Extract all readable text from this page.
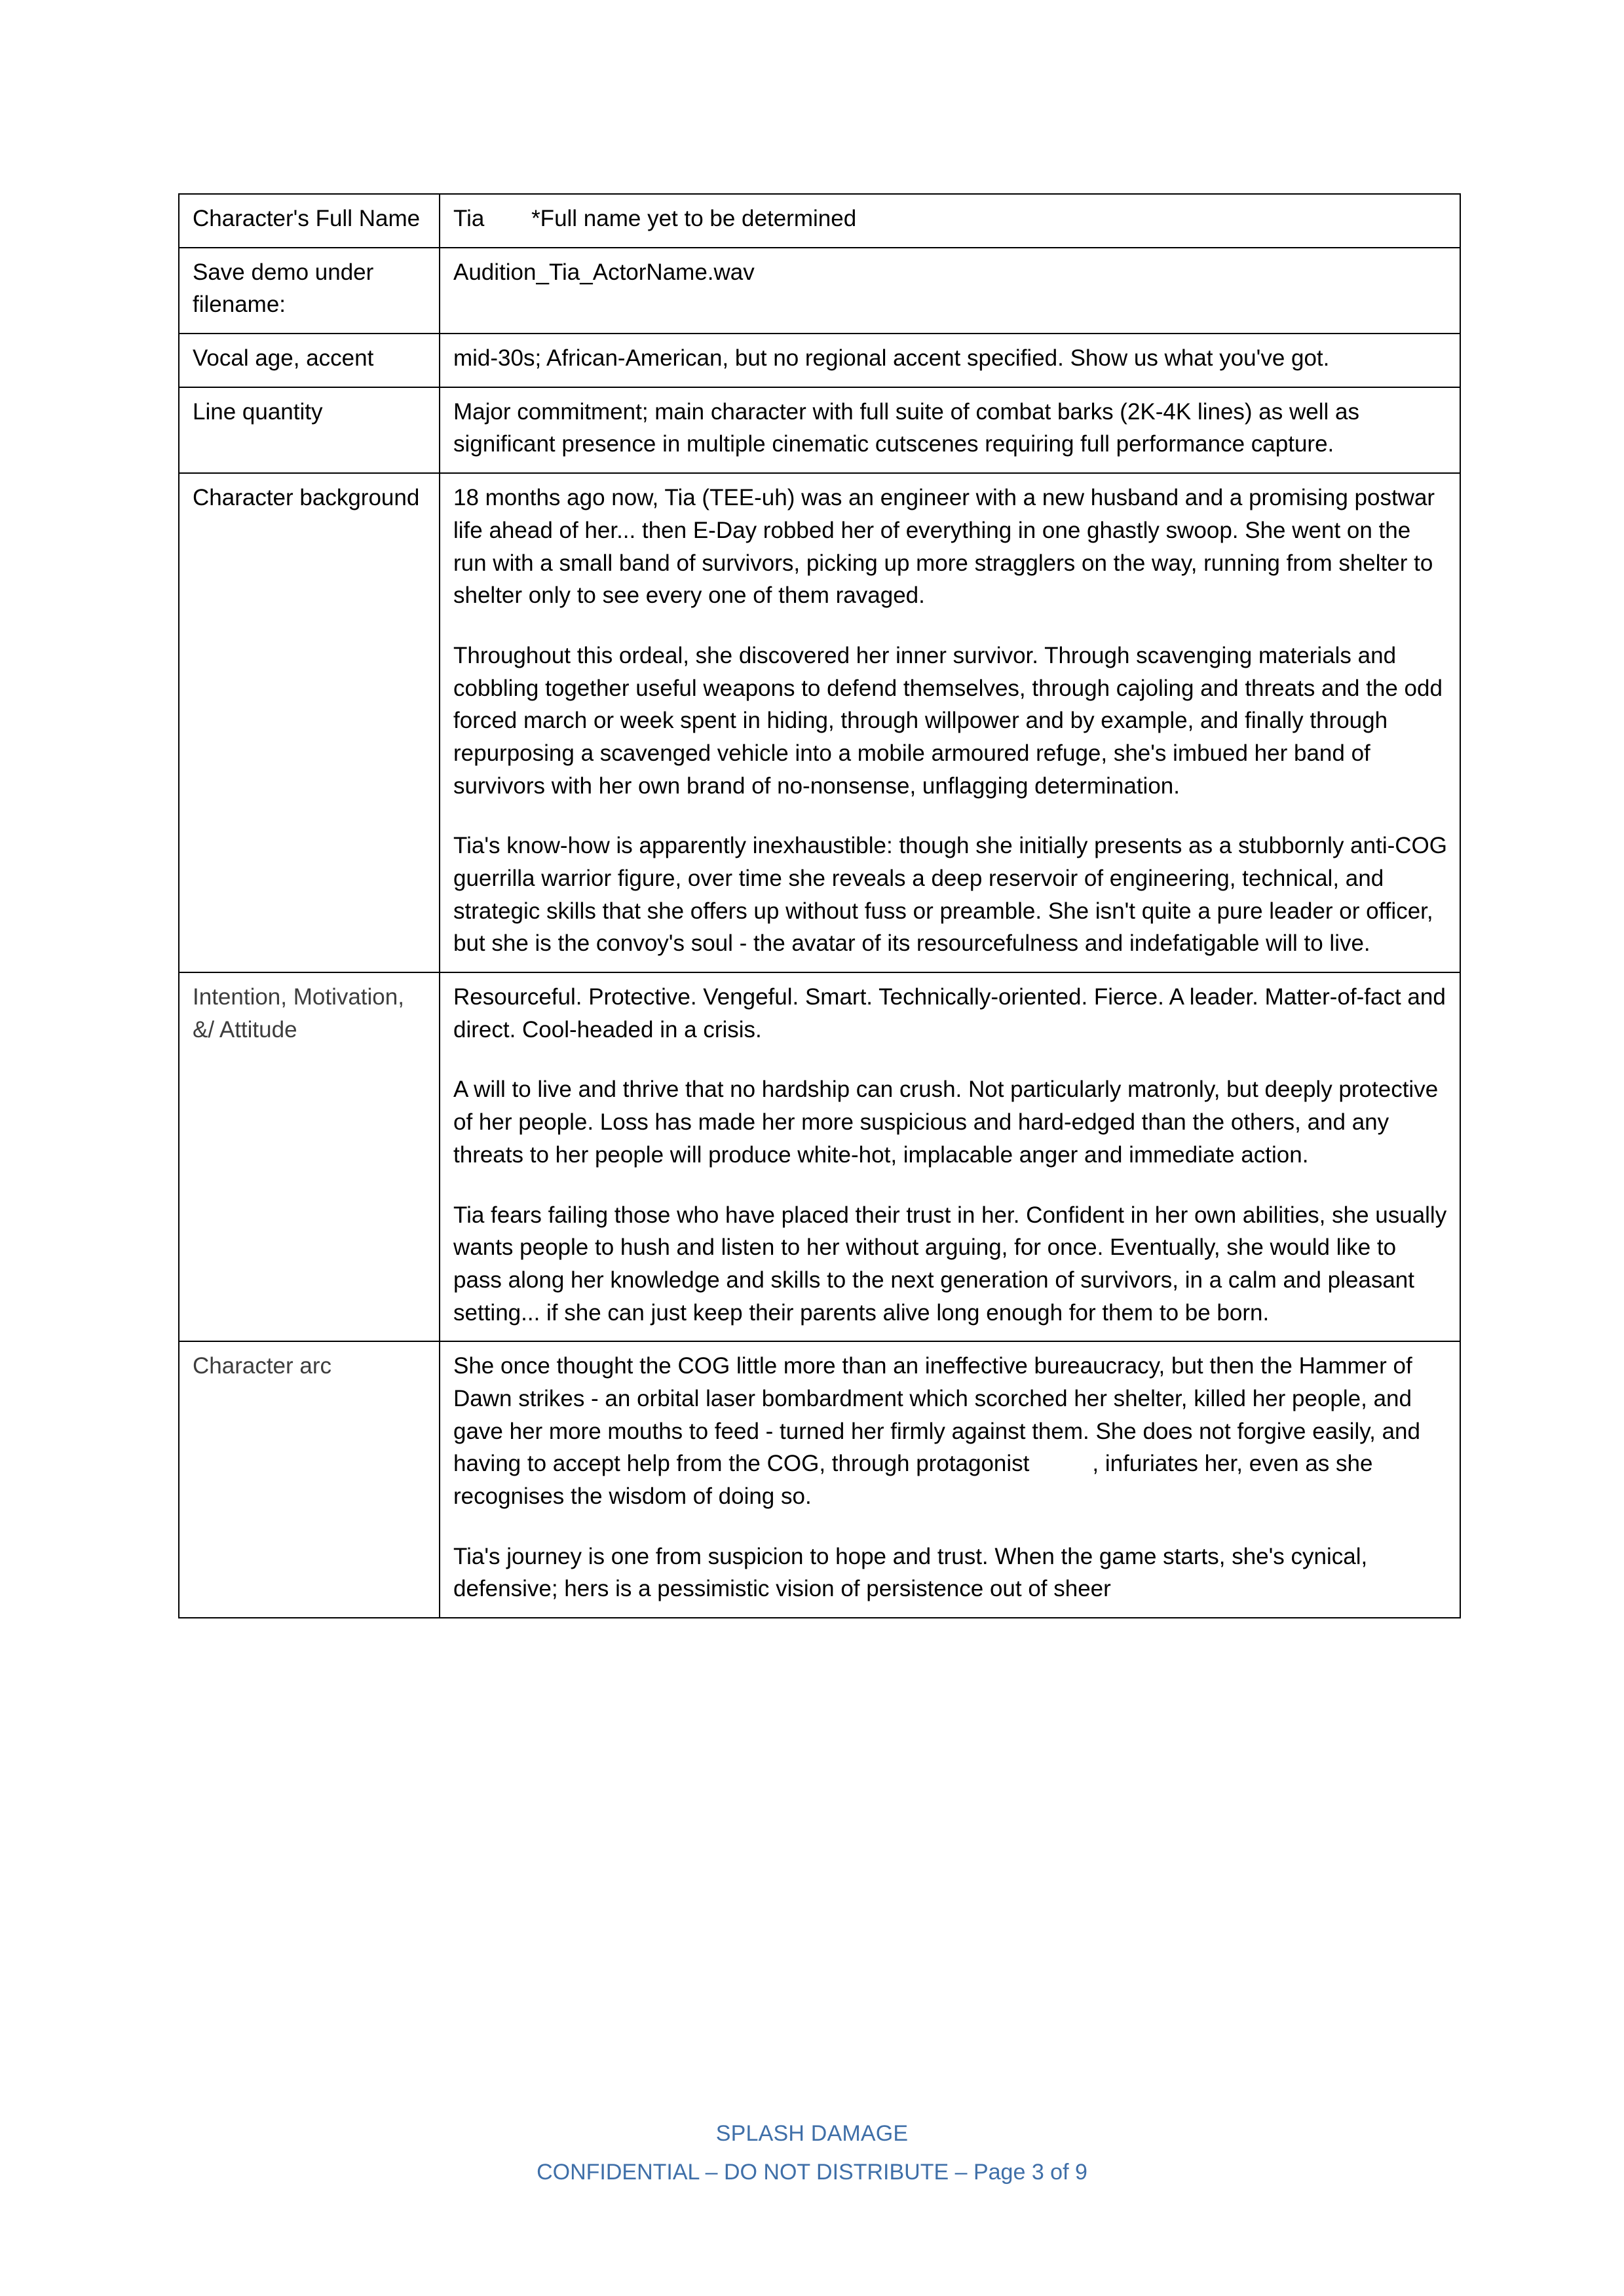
Character's Full Name	Tia *Full name yet to be determined
Save demo under filename:	Audition_Tia_ActorName.wav

Vocal age, accent	mid-30s; African-American, but no regional accent specified. Show us what you've got.

Line quantity	Major commitment; main character with full suite of combat barks (2K-4K lines) as well as significant presence in multiple cinematic cutscenes requiring full performance capture.

Character background	18 months ago now, Tia (TEE-uh) was an engineer with a new husband and a promising postwar life ahead of her... then E-Day robbed her of everything in one ghastly swoop. She went on the run with a small band of survivors, picking up more stragglers on the way, running from shelter to shelter only to see every one of them ravaged.

Throughout this ordeal, she discovered her inner survivor. Through scavenging materials and cobbling together useful weapons to defend themselves, through cajoling and threats and the odd forced march or week spent in hiding, through willpower and by example, and finally through repurposing a scavenged vehicle into a mobile armoured refuge, she's imbued her band of survivors with her own brand of no-nonsense, unflagging determination.

Tia's know-how is apparently inexhaustible: though she initially presents as a stubbornly anti-COG guerrilla warrior figure, over time she reveals a deep reservoir of engineering, technical, and strategic skills that she offers up without fuss or preamble. She isn't quite a pure leader or officer, but she is the convoy's soul - the avatar of its resourcefulness and indefatigable will to live.

Intention, Motivation, &/ Attitude	Resourceful. Protective. Vengeful. Smart. Technically-oriented. Fierce. A leader. Matter-of-fact and direct. Cool-headed in a crisis.

A will to live and thrive that no hardship can crush. Not particularly matronly, but deeply protective of her people. Loss has made her more suspicious and hard-edged than the others, and any threats to her people will produce white-hot, implacable anger and immediate action.

Tia fears failing those who have placed their trust in her. Confident in her own abilities, she usually wants people to hush and listen to her without arguing, for once. Eventually, she would like to pass along her knowledge and skills to the next generation of survivors, in a calm and pleasant setting... if she can just keep their parents alive long enough for them to be born.

Character arc	She once thought the COG little more than an ineffective bureaucracy, but then the Hammer of Dawn strikes - an orbital laser bombardment which scorched her shelter, killed her people, and gave her more mouths to feed - turned her firmly against them. She does not forgive easily, and having to accept help from the COG, through protagonist , infuriates her, even as she recognises the wisdom of doing so.

Tia's journey is one from suspicion to hope and trust. When the game starts, she's cynical, defensive; hers is a pessimistic vision of persistence out of sheer

SPLASH DAMAGE
CONFIDENTIAL – DO NOT DISTRIBUTE – Page 3 of 9
